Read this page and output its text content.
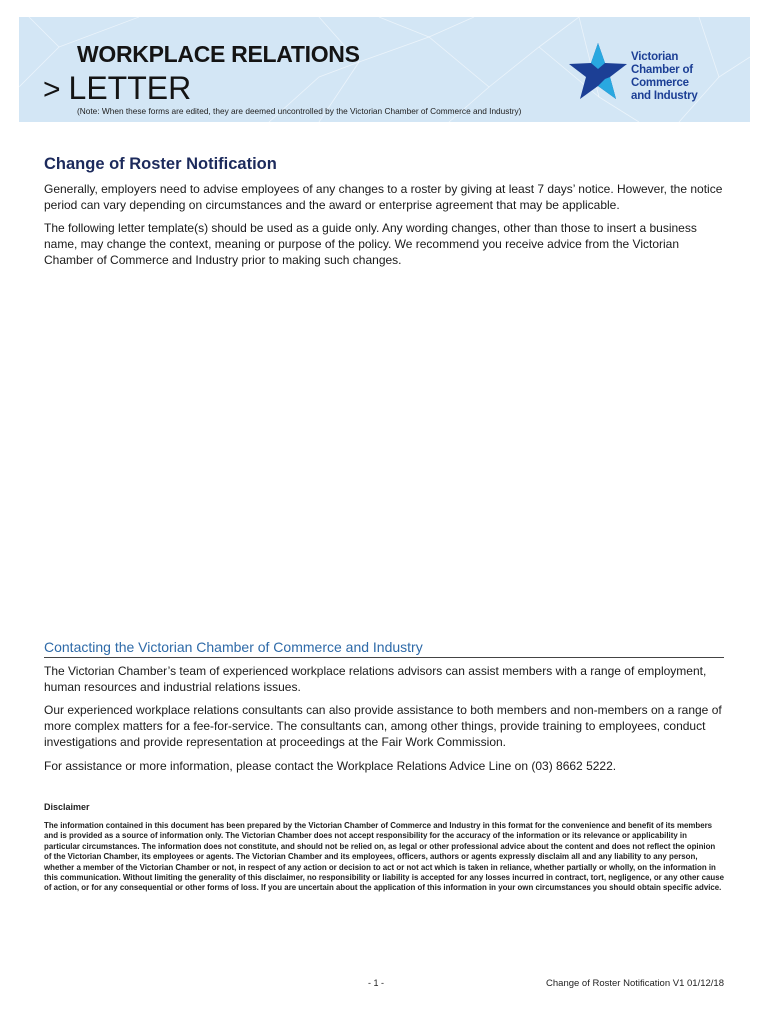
WORKPLACE RELATIONS
> LETTER
(Note: When these forms are edited, they are deemed uncontrolled by the Victorian Chamber of Commerce and Industry)
Victorian
Chamber of Commerce
and Industry
Change of Roster Notification

Generally, employers need to advise employees of any changes to a roster by giving at least 7 days’ notice. However, the notice period can vary depending on circumstances and the award or enterprise agreement that may be applicable.

The following letter template(s) should be used as a guide only. Any wording changes, other than those to insert a business name, may change the context, meaning or purpose of the policy. We recommend you receive advice from the Victorian Chamber of Commerce and Industry prior to making such changes.

Contacting the Victorian Chamber of Commerce and Industry

The Victorian Chamber’s team of experienced workplace relations advisors can assist members with a range of employment, human resources and industrial relations issues.

Our experienced workplace relations consultants can also provide assistance to both members and non-members on a range of more complex matters for a fee-for-service. The consultants can, among other things, provide training to employees, conduct investigations and provide representation at proceedings at the Fair Work Commission.

For assistance or more information, please contact the Workplace Relations Advice Line on (03) 8662 5222.

Disclaimer

The information contained in this document has been prepared by the Victorian Chamber of Commerce and Industry in this format for the convenience and benefit of its members and is provided as a source of information only. The Victorian Chamber does not accept responsibility for the accuracy of the information or its relevance or applicability in particular circumstances. The information does not constitute, and should not be relied on, as legal or other professional advice about the content and does not reflect the opinion of the Victorian Chamber, its employees or agents. The Victorian Chamber and its employees, officers, authors or agents expressly disclaim all and any liability to any person, whether a member of the Victorian Chamber or not, in respect of any action or decision to act or not act which is taken in reliance, whether partially or wholly, on the information in this communication. Without limiting the generality of this disclaimer, no responsibility or liability is accepted for any losses incurred in contract, tort, negligence, or any other cause of action, or for any consequential or other forms of loss. If you are uncertain about the application of this information in your own circumstances you should obtain specific advice.

- 1 -	Change of Roster Notification V1 01/12/18
